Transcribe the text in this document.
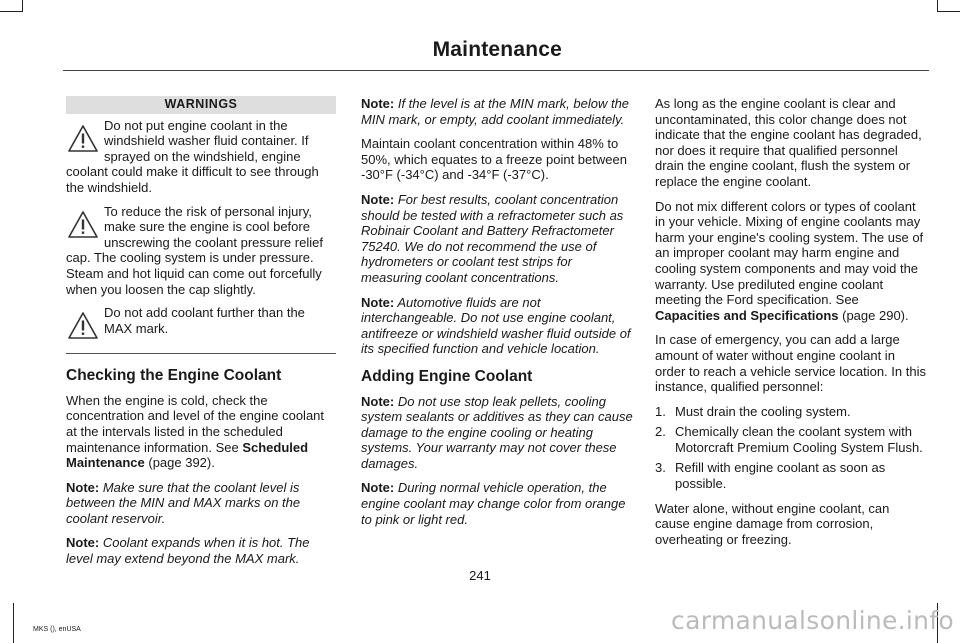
Maintenance
WARNINGS
Do not put engine coolant in the windshield washer fluid container. If sprayed on the windshield, engine coolant could make it difficult to see through the windshield.
To reduce the risk of personal injury, make sure the engine is cool before unscrewing the coolant pressure relief cap. The cooling system is under pressure. Steam and hot liquid can come out forcefully when you loosen the cap slightly.
Do not add coolant further than the MAX mark.
Checking the Engine Coolant

When the engine is cold, check the concentration and level of the engine coolant at the intervals listed in the scheduled maintenance information. See Scheduled Maintenance (page 392).

Note: Make sure that the coolant level is between the MIN and MAX marks on the coolant reservoir.

Note: Coolant expands when it is hot. The level may extend beyond the MAX mark.

Note: If the level is at the MIN mark, below the MIN mark, or empty, add coolant immediately.

Maintain coolant concentration within 48% to 50%, which equates to a freeze point between -30°F (-34°C) and -34°F (-37°C).

Note: For best results, coolant concentration should be tested with a refractometer such as Robinair Coolant and Battery Refractometer 75240. We do not recommend the use of hydrometers or coolant test strips for measuring coolant concentrations.

Note: Automotive fluids are not interchangeable. Do not use engine coolant, antifreeze or windshield washer fluid outside of its specified function and vehicle location.

Adding Engine Coolant

Note: Do not use stop leak pellets, cooling system sealants or additives as they can cause damage to the engine cooling or heating systems. Your warranty may not cover these damages.

Note: During normal vehicle operation, the engine coolant may change color from orange to pink or light red.

As long as the engine coolant is clear and uncontaminated, this color change does not indicate that the engine coolant has degraded, nor does it require that qualified personnel drain the engine coolant, flush the system or replace the engine coolant.

Do not mix different colors or types of coolant in your vehicle. Mixing of engine coolants may harm your engine's cooling system. The use of an improper coolant may harm engine and cooling system components and may void the warranty. Use prediluted engine coolant meeting the Ford specification. See Capacities and Specifications (page 290).

In case of emergency, you can add a large amount of water without engine coolant in order to reach a vehicle service location. In this instance, qualified personnel:

1. Must drain the cooling system.
2. Chemically clean the coolant system with Motorcraft Premium Cooling System Flush.
3. Refill with engine coolant as soon as possible.

Water alone, without engine coolant, can cause engine damage from corrosion, overheating or freezing.

241
MKS (), enUSA	carmanualsonline.info
